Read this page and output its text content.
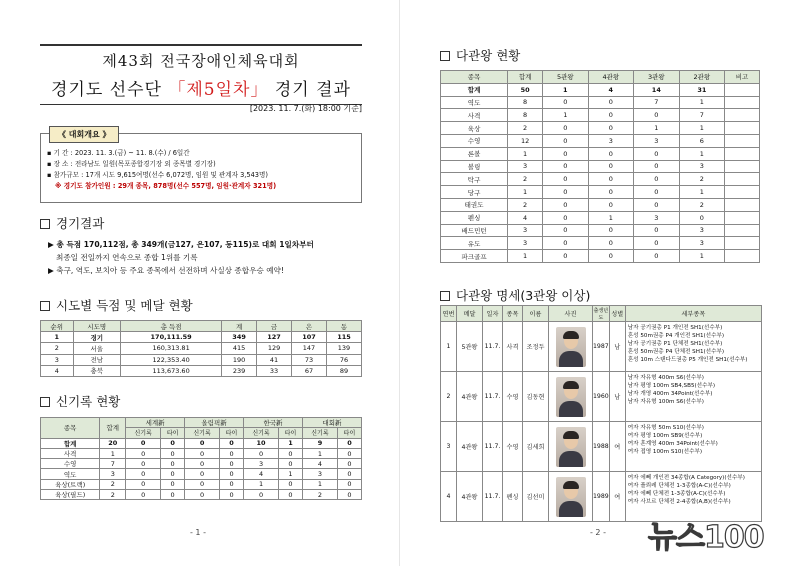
제43회 전국장애인체육대회
경기도 선수단 「제5일차」 경기 결과
[2023. 11. 7.(화) 18:00 기준]
《 대회개요 》
▪ 기 간 : 2023. 11. 3.(금) ~ 11. 8.(수) / 6일간
▪ 장 소 : 전라남도 일원(목포종합경기장 외 종목별 경기장)
▪ 참가규모 : 17개 시도 9,615여명(선수 6,072명, 임원 및 관계자 3,543명)
※ 경기도 참가인원 : 29개 종목, 878명(선수 557명, 임원·관계자 321명)
경기결과
▶ 총 득점 170,112점, 총 349개(금127, 은107, 동115)로 대회 1일차부터
최종일 전일까지 연속으로 종합 1위를 기록
▶ 축구, 역도, 보치아 등 주요 종목에서 선전하며 사실상 종합우승 예약!
시도별 득점 및 메달 현황
순위	시도명	총 득점	계	금	은	동
1	경기	170,111.59	349	127	107	115
2	서울	160,313.81	415	129	147	139
3	전남	122,353.40	190	41	73	76
4	충북	113,673.60	239	33	67	89
신기록 현황
종목	합계	세계新		올림픽新		한국新		대회新	
		신기록	타이	신기록	타이	신기록	타이	신기록	타이
합계	20	0	0	0	0	10	1	9	0
사격	1	0	0	0	0	0	0	1	0
수영	7	0	0	0	0	3	0	4	0
역도	3	0	0	0	0	4	1	3	0
육상(트랙)	2	0	0	0	0	1	0	1	0
육상(필드)	2	0	0	0	0	0	0	2	0
- 1 -
다관왕 현황
다관왕 명세(3관왕 이상)
- 2 -
종목	합계	5관왕	4관왕	3관왕	2관왕	비고
합계	50	1	4	14	31	
역도	8	0	0	7	1	
사격	8	1	0	0	7	
육상	2	0	0	1	1	
수영	12	0	3	3	6	
론볼	1	0	0	0	1	
볼링	3	0	0	0	3	
탁구	2	0	0	0	2	
당구	1	0	0	0	1	
태권도	2	0	0	0	2	
펜싱	4	0	1	3	0	
배드민턴	3	0	0	0	3	
유도	3	0	0	0	3	
파크골프	1	0	0	0	1	
연번	메달	일자	종목	이름	사진	출생년도	성별	세부종목
1	5관왕	11.7.	사격	조정두		1987	남	남자 공기권총 P1 개인전 SH1(선수부)
혼성 50m권총 P4 개인전 SH1(선수부)
남자 공기권총 P1 단체전 SH1(선수부)
혼성 50m권총 P4 단체전 SH1(선수부)
혼성 10m 스탠다드권총 P5 개인전 SH1(선수부)

2	4관왕	11.7.	수영	김동현		1960	남	남자 자유형 400m S6(선수부)
남자 평영 100m SB4,SB5(선수부)
남자 개영 400m 34Point(선수부)
남자 자유형 100m S6(선수부)

3	4관왕	11.7.	수영	김세희		1988	여	여자 자유형 50m S10(선수부)
여자 평영 100m SB9(선수부)
여자 혼계영 400m 34Point(선수부)
여자 접영 100m S10(선수부)

4	4관왕	11.7.	펜싱	김선미		1989	여	여자 에뻬 개인전 34종합(A Category)(선수부)
여자 플뢰레 단체전 1-3종합(A-C)(선수부)
여자 에뻬 단체전 1-3종합(A-C)(선수부)
여자 사브르 단체전 2-4종합(A,B)(선수부)
뉴스100
